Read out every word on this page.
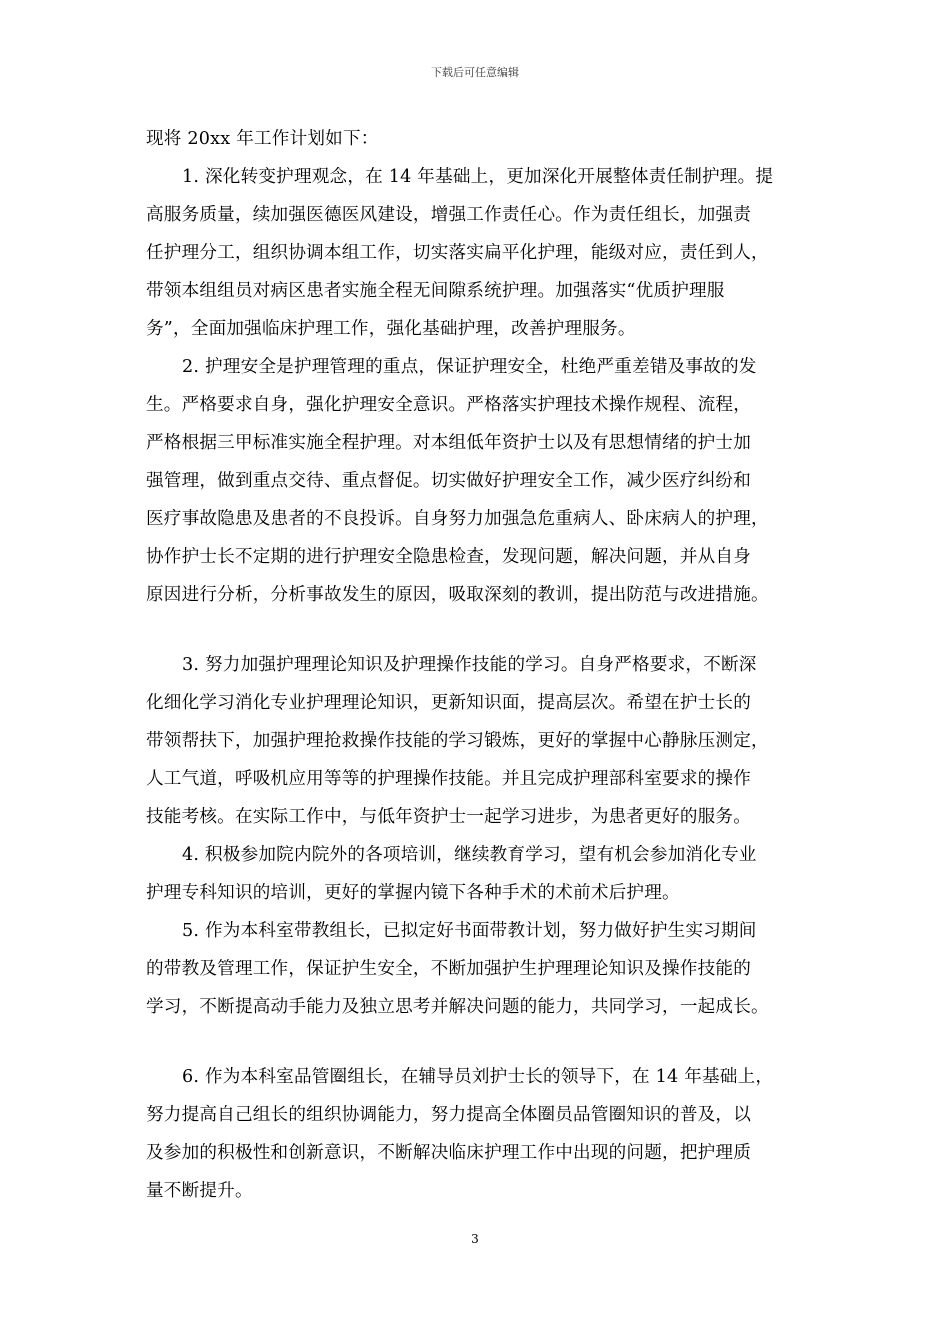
下载后可任意编辑
现将 20xx 年工作计划如下：
1. 深化转变护理观念，在 14 年基础上，更加深化开展整体责任制护理。提
高服务质量，续加强医德医风建设，增强工作责任心。作为责任组长，加强责
任护理分工，组织协调本组工作，切实落实扁平化护理，能级对应，责任到人，
带领本组组员对病区患者实施全程无间隙系统护理。加强落实“优质护理服
务”，全面加强临床护理工作，强化基础护理，改善护理服务。
2. 护理安全是护理管理的重点，保证护理安全，杜绝严重差错及事故的发
生。严格要求自身，强化护理安全意识。严格落实护理技术操作规程、流程，
严格根据三甲标准实施全程护理。对本组低年资护士以及有思想情绪的护士加
强管理，做到重点交待、重点督促。切实做好护理安全工作，减少医疗纠纷和
医疗事故隐患及患者的不良投诉。自身努力加强急危重病人、卧床病人的护理，
协作护士长不定期的进行护理安全隐患检查，发现问题，解决问题，并从自身
原因进行分析，分析事故发生的原因，吸取深刻的教训，提出防范与改进措施。
3. 努力加强护理理论知识及护理操作技能的学习。自身严格要求，不断深
化细化学习消化专业护理理论知识，更新知识面，提高层次。希望在护士长的
带领帮扶下，加强护理抢救操作技能的学习锻炼，更好的掌握中心静脉压测定，
人工气道，呼吸机应用等等的护理操作技能。并且完成护理部科室要求的操作
技能考核。在实际工作中，与低年资护士一起学习进步，为患者更好的服务。
4. 积极参加院内院外的各项培训，继续教育学习，望有机会参加消化专业
护理专科知识的培训，更好的掌握内镜下各种手术的术前术后护理。
5. 作为本科室带教组长，已拟定好书面带教计划，努力做好护生实习期间
的带教及管理工作，保证护生安全，不断加强护生护理理论知识及操作技能的
学习，不断提高动手能力及独立思考并解决问题的能力，共同学习，一起成长。
6. 作为本科室品管圈组长，在辅导员刘护士长的领导下，在 14 年基础上，
努力提高自己组长的组织协调能力，努力提高全体圈员品管圈知识的普及，以
及参加的积极性和创新意识，不断解决临床护理工作中出现的问题，把护理质
量不断提升。
3
